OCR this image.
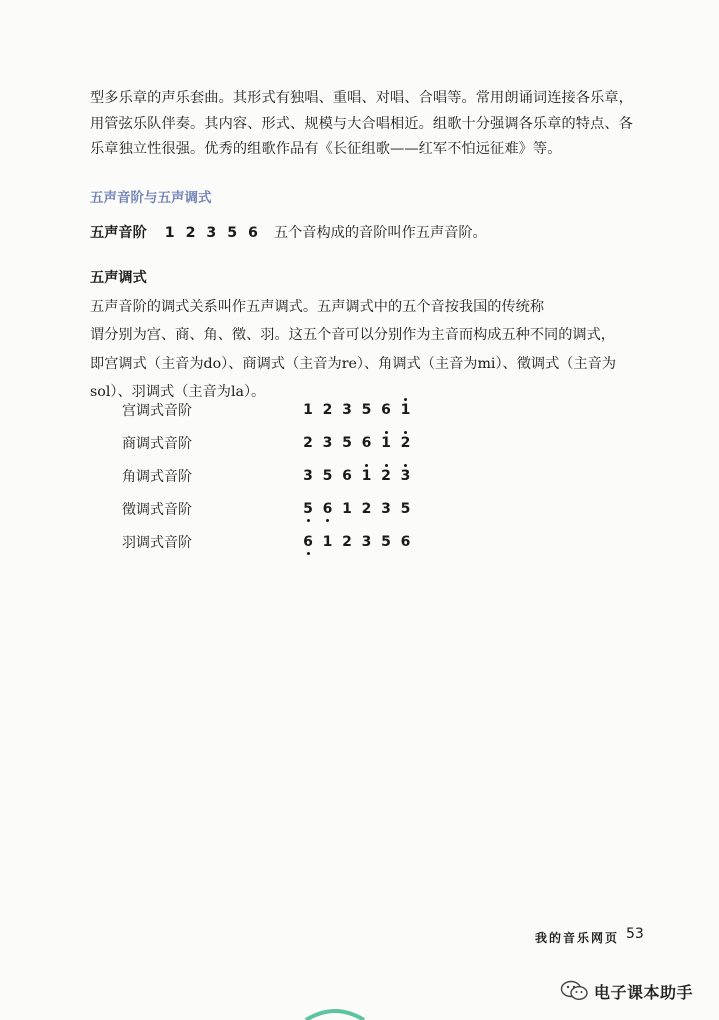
型多乐章的声乐套曲。其形式有独唱、重唱、对唱、合唱等。常用朗诵词连接各乐章，
用管弦乐队伴奏。其内容、形式、规模与大合唱相近。组歌十分强调各乐章的特点、各
乐章独立性很强。优秀的组歌作品有《长征组歌——红军不怕远征难》等。
五声音阶与五声调式
五声音阶 1 2 3 5 6 五个音构成的音阶叫作五声音阶。
五声调式
五声音阶的调式关系叫作五声调式。五声调式中的五个音按我国的传统称
谓分别为宫、商、角、徵、羽。这五个音可以分别作为主音而构成五种不同的调式，
即宫调式（主音为do）、商调式（主音为re）、角调式（主音为mi）、徵调式（主音为
sol）、羽调式（主音为la）。
宫调式音阶	1 2 3 5 6 1
商调式音阶	2 3 5 6 1 2
角调式音阶	3 5 6 1 2 3
徵调式音阶	5 6 1 2 3 5
羽调式音阶	6 1 2 3 5 6
我的音乐网页 53
电子课本助手
